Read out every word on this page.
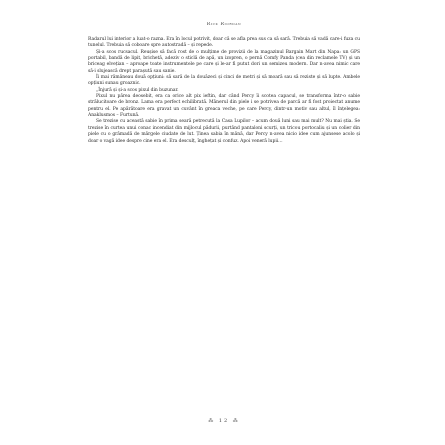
Rick Riordan

Radarul lui interior a luat-o razna. Era în locul potrivit, doar că se afla prea sus ca să sară. Trebuia să vadă care-i fuza cu tunelul. Trebuia să coboare spre autostradă – și repede.

Și-a scos rucsacul. Reușise să facă rost de o mulțime de provizii de la magazinul Bargain Mart din Napa: un GPS portabil, bandă de lipit, brichetă, adeziv o sticlă de apă, un izopren, o pernă Comfy Panda (cea din reclamele TV) și un briceag elvețian – aproape toate instrumentele pe care și le-ar fi putut dori un semizeu modern. Dar n-avea nimic care să-i slujească drept parașută sau sanie.

Îi mai rămâneau două opțiuni: să sară de la douăzeci și cinci de metri și să moară sau să reziste și să lupte. Ambele opțiuni sunau groaznic.

„Înjură și și-a scos pixul din buzunar.

Pixul nu părea deosebit, era ca orice alt pix ieftin, dar când Percy îi scotea capacul, se transforma într-o sabie strălucitoare de bronz. Lama era perfect echilibrată. Mânerul din piele i se potrivea de parcă ar fi fost proiectat anume pentru el. Pe apărătoare era gravat un cuvânt în greaca veche, pe care Percy, dintr-un motiv sau altul, îl înțelegea: Anaklusmos – Furtună.

Se trezise cu această sabie în prima seară petrecută la Casa Lupilor – acum două luni sau mai mult? Nu mai știa. Se trezise în curtea unui conac incendiat din mijlocul pădurii, purtând pantaloni scurți, un tricou portocaliu și un colier din piele cu o grămadă de mărgele ciudate de lut. Ținea sabia în mână, dar Percy n-avea nicio idee cum ajunsese acolo și doar o vagă idee despre cine era el. Era desculț, înghețat și confuz. Apoi veneră lupii…

⁂ 12 ⁂
